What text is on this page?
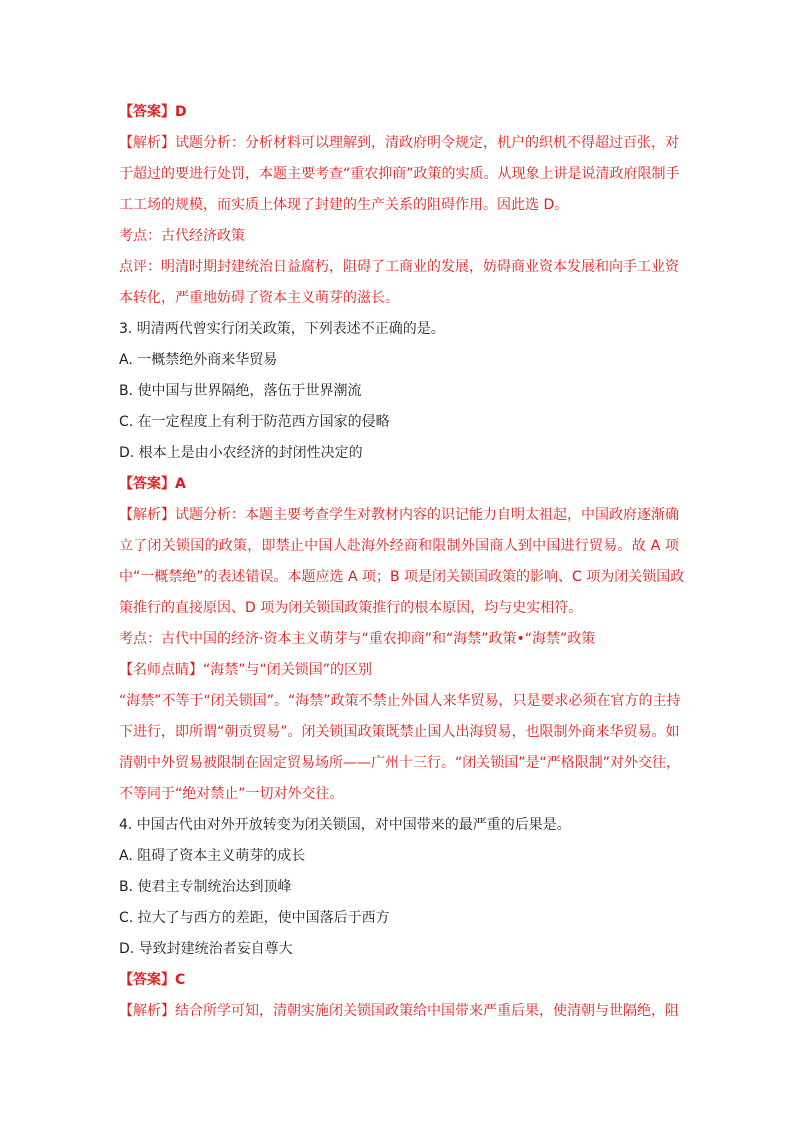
【答案】D
【解析】试题分析：分析材料可以理解到，清政府明令规定，机户的织机不得超过百张，对
于超过的要进行处罚，本题主要考查“重农抑商”政策的实质。从现象上讲是说清政府限制手
工工场的规模，而实质上体现了封建的生产关系的阻碍作用。因此选 D。
考点：古代经济政策
点评：明清时期封建统治日益腐朽，阻碍了工商业的发展，妨碍商业资本发展和向手工业资
本转化，严重地妨碍了资本主义萌芽的滋长。
3. 明清两代曾实行闭关政策，下列表述不正确的是。
A. 一概禁绝外商来华贸易
B. 使中国与世界隔绝，落伍于世界潮流
C. 在一定程度上有利于防范西方国家的侵略
D. 根本上是由小农经济的封闭性决定的
【答案】A
【解析】试题分析：本题主要考查学生对教材内容的识记能力自明太祖起，中国政府逐渐确
立了闭关锁国的政策，即禁止中国人赴海外经商和限制外国商人到中国进行贸易。故 A 项
中“一概禁绝”的表述错误。本题应选 A 项；B 项是闭关锁国政策的影响、C 项为闭关锁国政
策推行的直接原因、D 项为闭关锁国政策推行的根本原因，均与史实相符。
考点：古代中国的经济·资本主义萌芽与“重农抑商”和“海禁”政策•“海禁”政策
【名师点睛】“海禁”与“闭关锁国”的区别
“海禁”不等于“闭关锁国”。“海禁”政策不禁止外国人来华贸易，只是要求必须在官方的主持
下进行，即所谓“朝贡贸易”。闭关锁国政策既禁止国人出海贸易，也限制外商来华贸易。如
清朝中外贸易被限制在固定贸易场所——广州十三行。“闭关锁国”是“严格限制”对外交往，
不等同于“绝对禁止”一切对外交往。
4. 中国古代由对外开放转变为闭关锁国，对中国带来的最严重的后果是。
A. 阻碍了资本主义萌芽的成长
B. 使君主专制统治达到顶峰
C. 拉大了与西方的差距，使中国落后于西方
D. 导致封建统治者妄自尊大
【答案】C
【解析】结合所学可知，清朝实施闭关锁国政策给中国带来严重后果，使清朝与世隔绝，阻
